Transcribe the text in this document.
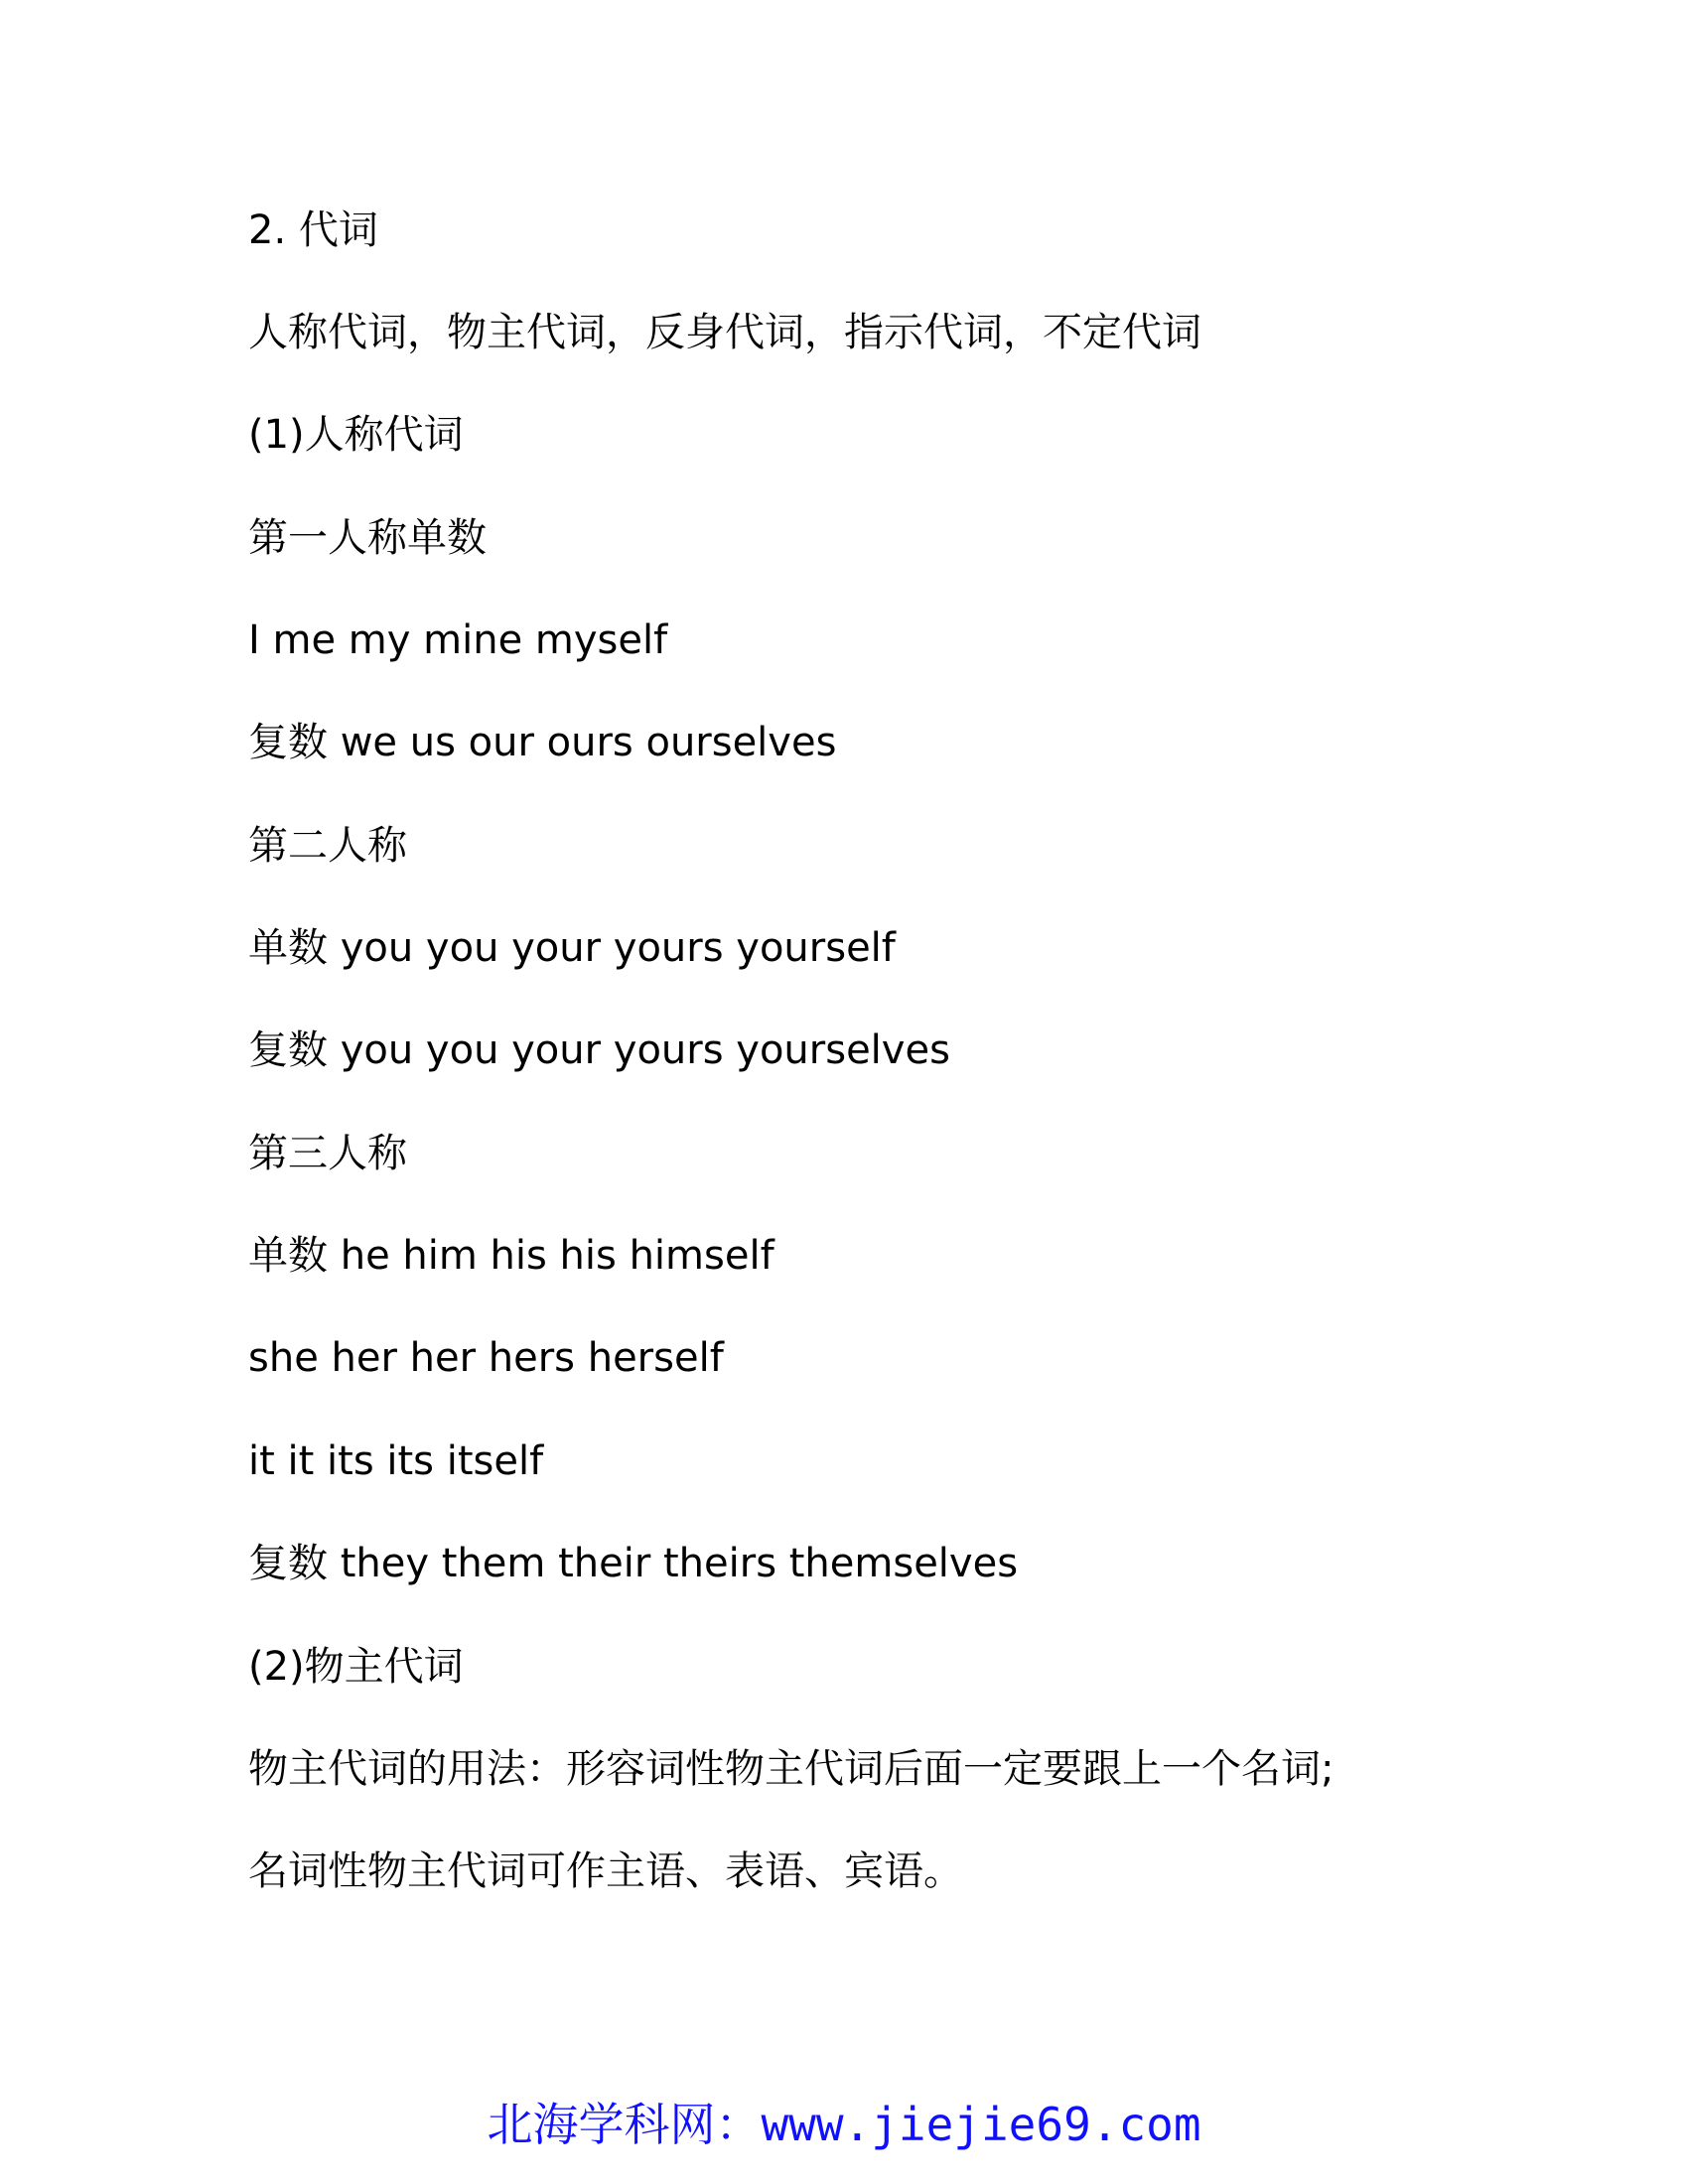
2. 代词
人称代词，物主代词，反身代词，指示代词，不定代词
(1)人称代词
第一人称单数
I me my mine myself
复数 we us our ours ourselves
第二人称
单数 you you your yours yourself
复数 you you your yours yourselves
第三人称
单数 he him his his himself
she her her hers herself
it it its its itself
复数 they them their theirs themselves
(2)物主代词
物主代词的用法：形容词性物主代词后面一定要跟上一个名词;
名词性物主代词可作主语、表语、宾语。
北海学科网：www.jiejie69.com
